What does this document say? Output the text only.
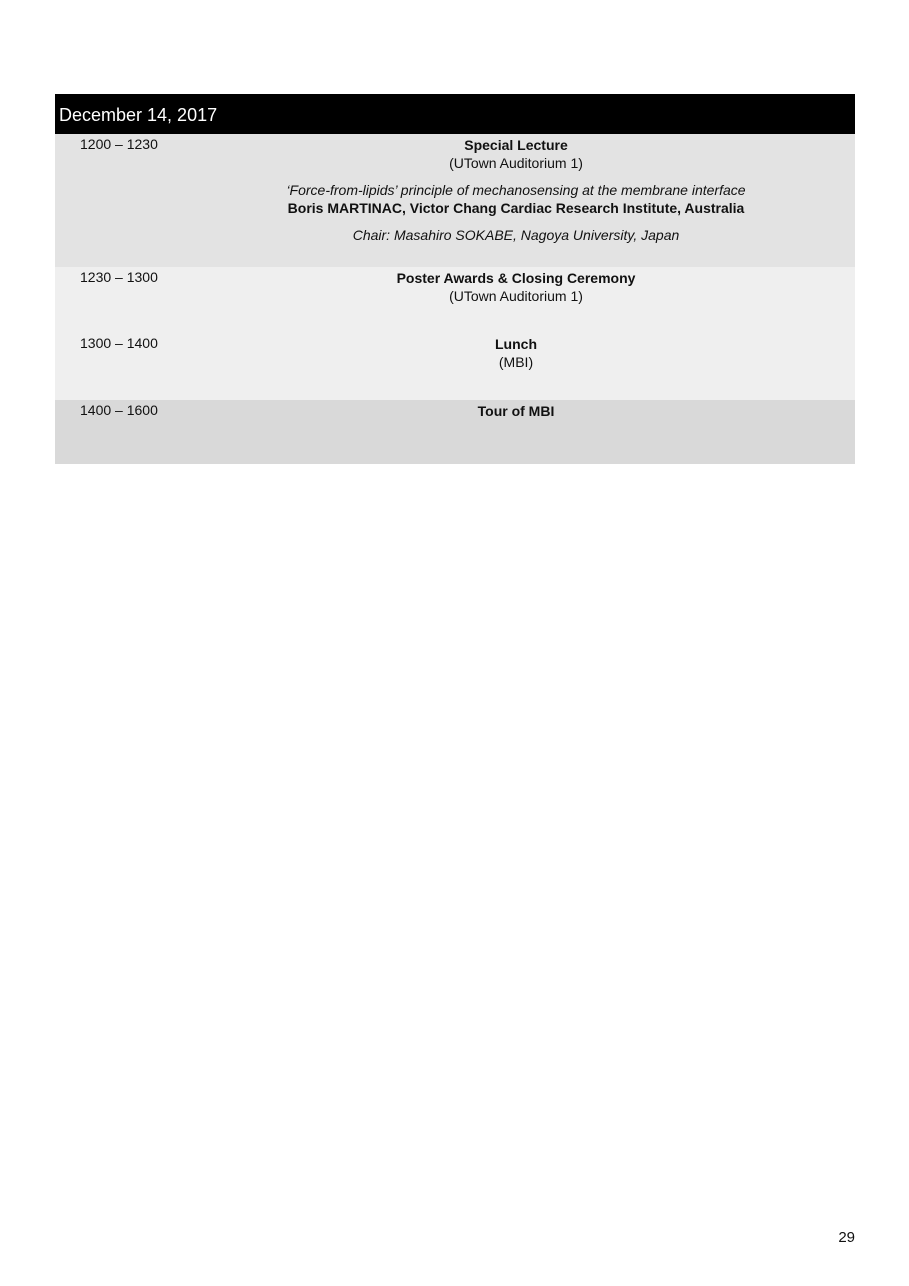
December 14, 2017
1200 – 1230	Special Lecture
(UTown Auditorium 1)
‘Force-from-lipids’ principle of mechanosensing at the membrane interface
Boris MARTINAC, Victor Chang Cardiac Research Institute, Australia
Chair: Masahiro SOKABE, Nagoya University, Japan
1230 – 1300	Poster Awards & Closing Ceremony
(UTown Auditorium 1)
1300 – 1400	Lunch
(MBI)
1400 – 1600	Tour of MBI
29
